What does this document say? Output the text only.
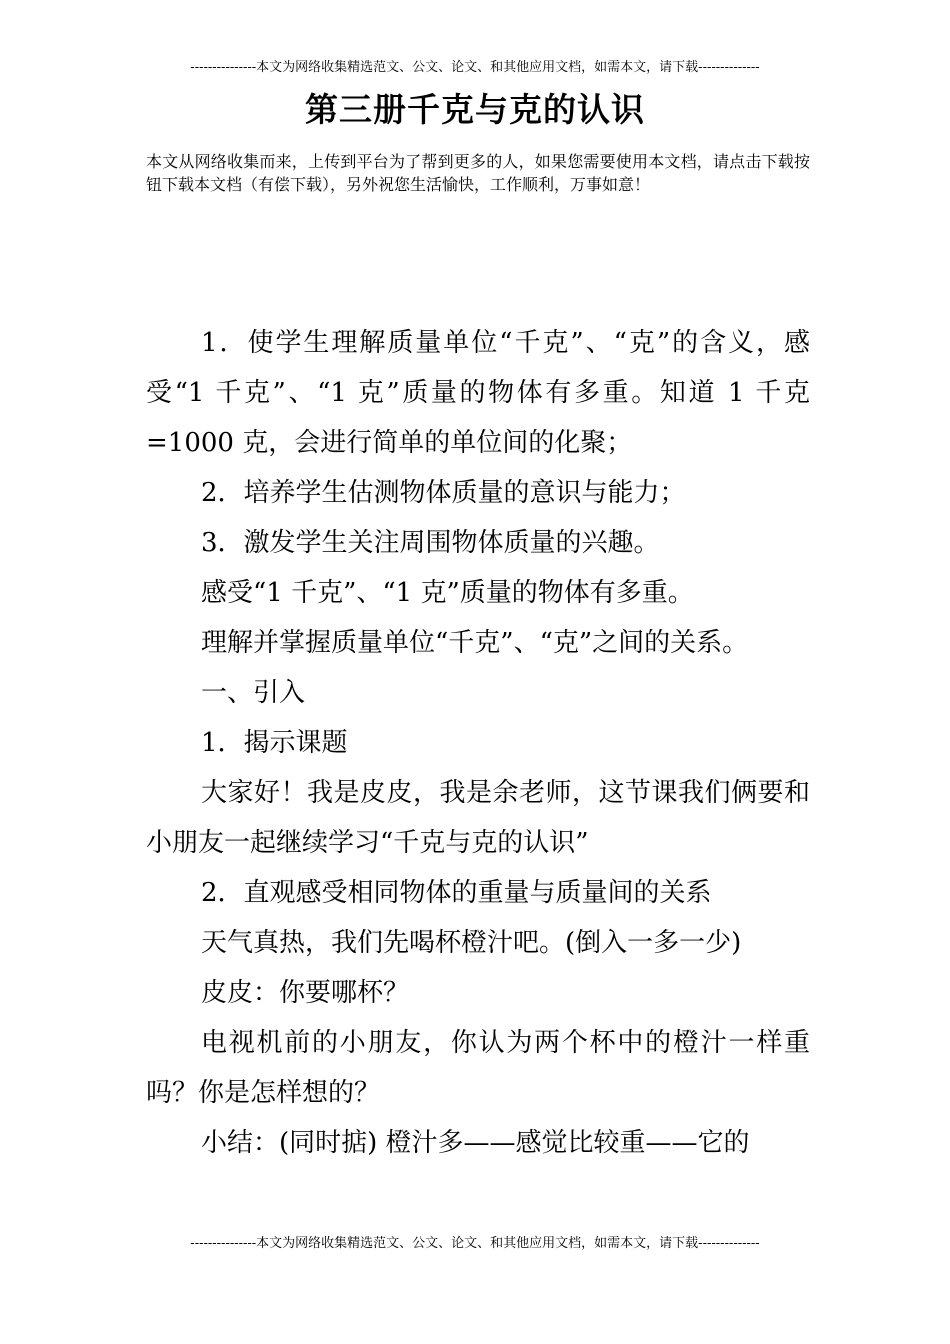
---------------本文为网络收集精选范文、公文、论文、和其他应用文档，如需本文，请下载--------------
第三册千克与克的认识

本文从网络收集而来，上传到平台为了帮到更多的人，如果您需要使用本文档，请点击下载按钮下载本文档（有偿下载），另外祝您生活愉快，工作顺利，万事如意！

1．使学生理解质量单位“千克”、“克”的含义，感受“1 千克”、“1 克”质量的物体有多重。知道 1 千克=1000 克，会进行简单的单位间的化聚；

2．培养学生估测物体质量的意识与能力；

3．激发学生关注周围物体质量的兴趣。

感受“1 千克”、“1 克”质量的物体有多重。

理解并掌握质量单位“千克”、“克”之间的关系。

一、引入

1．揭示课题

大家好！我是皮皮，我是余老师，这节课我们俩要和小朋友一起继续学习“千克与克的认识”

2．直观感受相同物体的重量与质量间的关系

天气真热，我们先喝杯橙汁吧。(倒入一多一少)

皮皮：你要哪杯？

电视机前的小朋友，你认为两个杯中的橙汁一样重吗？你是怎样想的？

小结：(同时掂) 橙汁多——感觉比较重——它的

---------------本文为网络收集精选范文、公文、论文、和其他应用文档，如需本文，请下载--------------
